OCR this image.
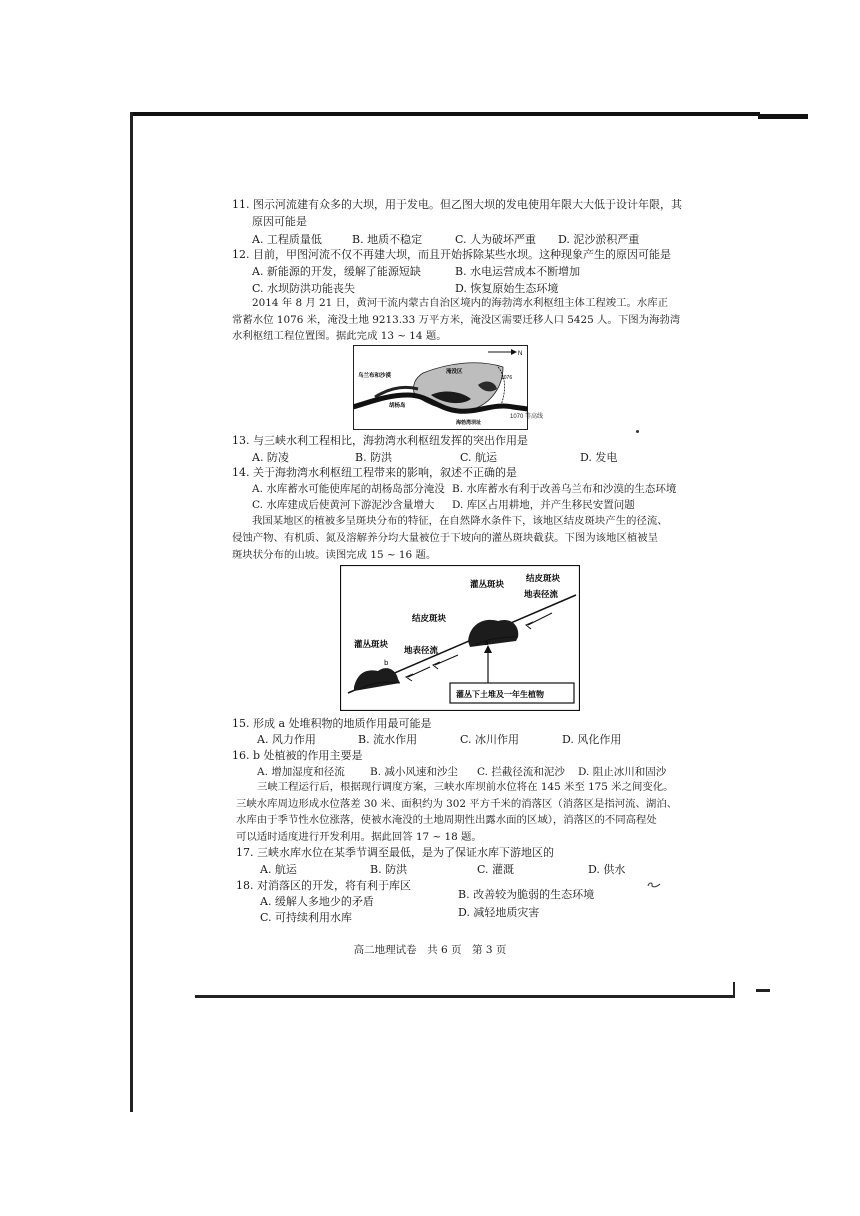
11. 图示河流建有众多的大坝，用于发电。但乙图大坝的发电使用年限大大低于设计年限，其
原因可能是
A. 工程质量低	B. 地质不稳定	C. 人为破坏严重 D. 泥沙淤积严重
12. 目前，甲图河流不仅不再建大坝，而且开始拆除某些水坝。这种现象产生的原因可能是
A. 新能源的开发，缓解了能源短缺	B. 水电运营成本不断增加
C. 水坝防洪功能丧失	D. 恢复原始生态环境
2014 年 8 月 21 日，黄河干流内蒙古自治区境内的海勃湾水利枢纽主体工程竣工。水库正
常蓄水位 1076 米，淹没土地 9213.33 万平方米，淹没区需要迁移人口 5425 人。下图为海勃湾
水利枢纽工程位置图。据此完成 13 ~ 14 题。
N
乌兰布和沙漠
淹没区
1076
胡杨岛
海勃湾坝址
1070 等高线
13. 与三峡水利工程相比，海勃湾水利枢纽发挥的突出作用是
A. 防凌	B. 防洪	C. 航运	D. 发电
14. 关于海勃湾水利枢纽工程带来的影响，叙述不正确的是
A. 水库蓄水可能使库尾的胡杨岛部分淹没 B. 水库蓄水有利于改善乌兰布和沙漠的生态环境
C. 水库建成后使黄河下游泥沙含量增大 D. 库区占用耕地，并产生移民安置问题
我国某地区的植被多呈斑块分布的特征，在自然降水条件下，该地区结皮斑块产生的径流、
侵蚀产物、有机质、氮及溶解养分均大量被位于下坡向的灌丛斑块截获。下图为该地区植被呈
斑块状分布的山坡。读图完成 15 ~ 16 题。
结皮斑块
灌丛斑块
地表径流
结皮斑块
灌丛斑块
地表径流
a
b
灌丛下土堆及一年生植物
15. 形成 a 处堆积物的地质作用最可能是
A. 风力作用	B. 流水作用	C. 冰川作用	D. 风化作用
16. b 处植被的作用主要是
A. 增加湿度和径流 B. 减小风速和沙尘 C. 拦截径流和泥沙 D. 阻止冰川和固沙
三峡工程运行后，根据现行调度方案，三峡水库坝前水位将在 145 米至 175 米之间变化。
三峡水库周边形成水位落差 30 米、面积约为 302 平方千米的消落区（消落区是指河流、湖泊、
水库由于季节性水位涨落，使被水淹没的土地周期性出露水面的区域），消落区的不同高程处
可以适时适度进行开发利用。据此回答 17 ~ 18 题。
17. 三峡水库水位在某季节调至最低，是为了保证水库下游地区的
A. 航运	B. 防洪	C. 灌溉	D. 供水
18. 对消落区的开发，将有利于库区
A. 缓解人多地少的矛盾
B. 改善较为脆弱的生态环境
C. 可持续利用水库	D. 减轻地质灾害
高二地理试卷　共 6 页　第 3 页
